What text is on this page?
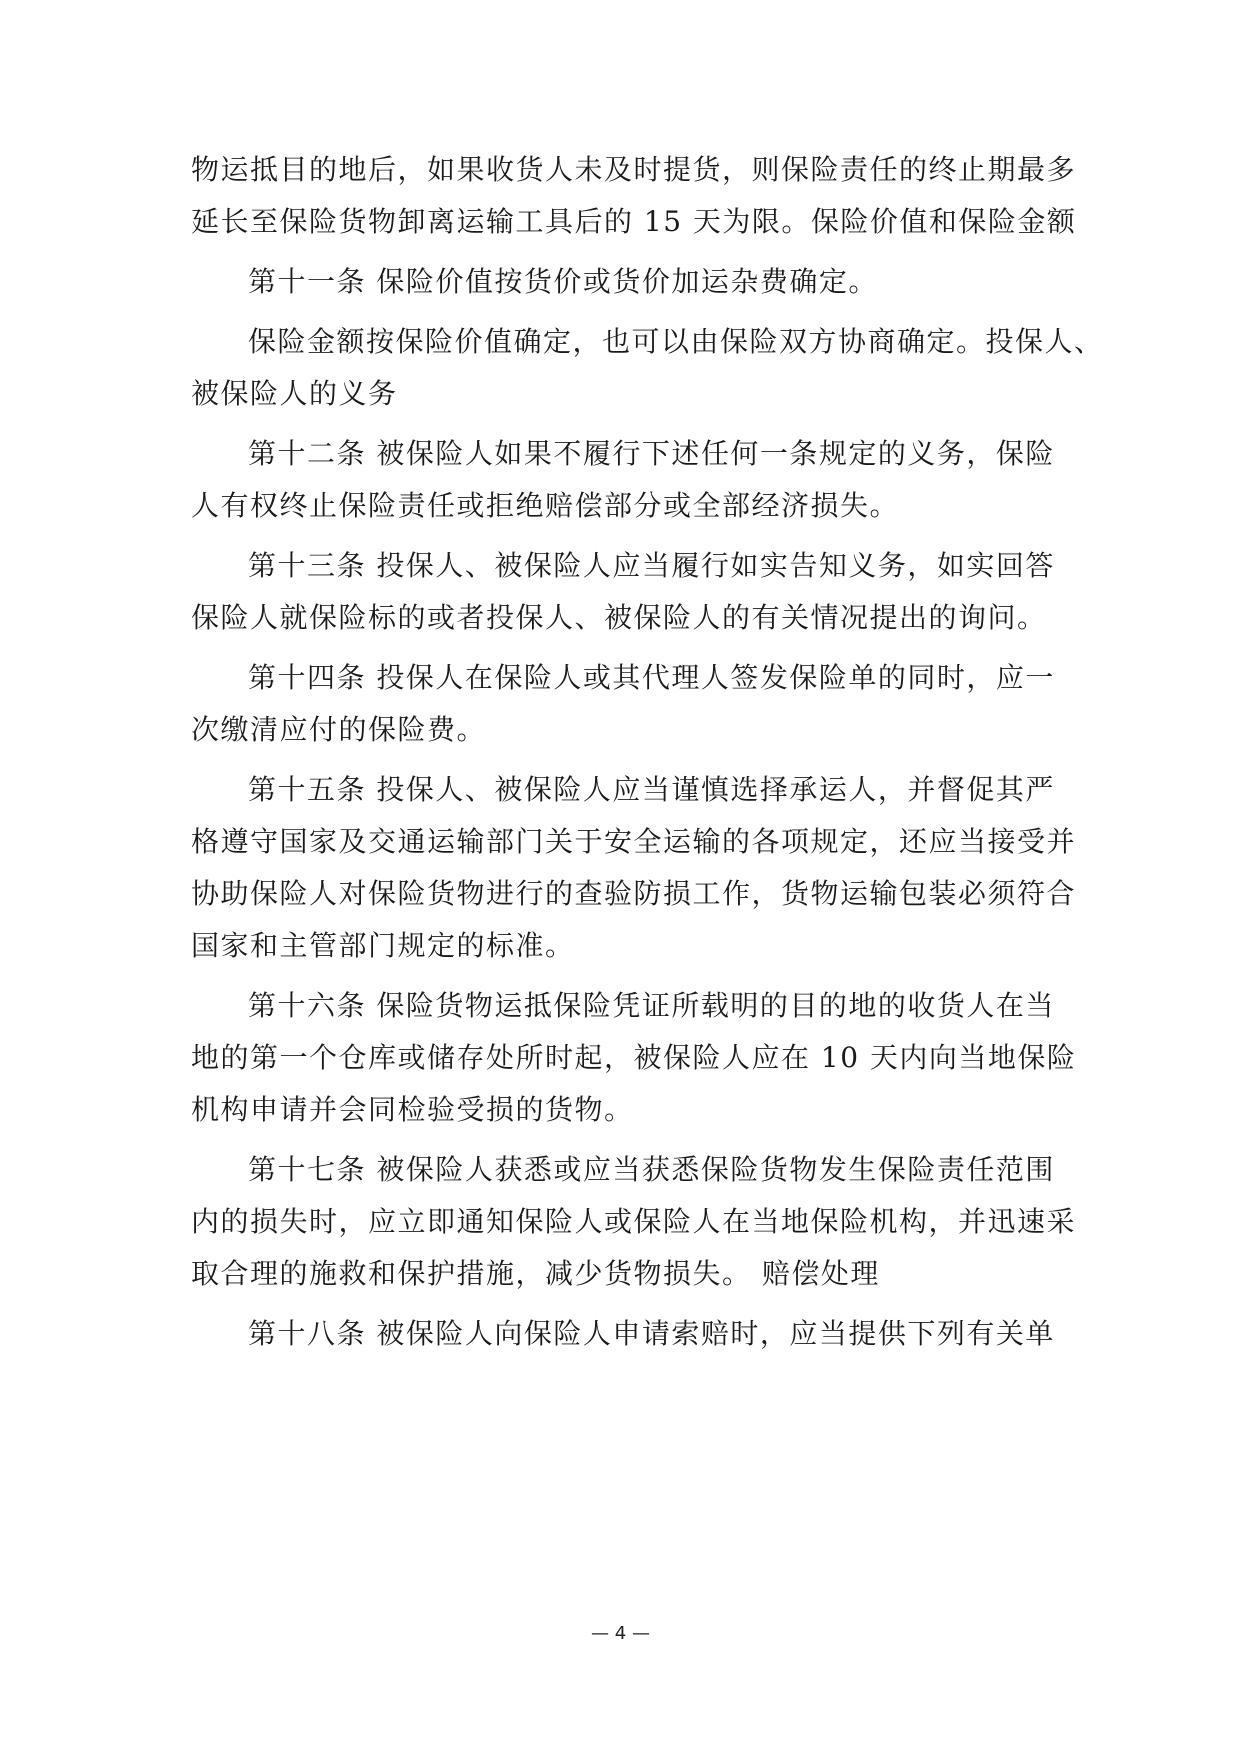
物运抵目的地后，如果收货人未及时提货，则保险责任的终止期最多
延长至保险货物卸离运输工具后的 15 天为限。保险价值和保险金额
第十一条 保险价值按货价或货价加运杂费确定。
保险金额按保险价值确定，也可以由保险双方协商确定。投保人、
被保险人的义务
第十二条 被保险人如果不履行下述任何一条规定的义务，保险
人有权终止保险责任或拒绝赔偿部分或全部经济损失。
第十三条 投保人、被保险人应当履行如实告知义务，如实回答
保险人就保险标的或者投保人、被保险人的有关情况提出的询问。
第十四条 投保人在保险人或其代理人签发保险单的同时，应一
次缴清应付的保险费。
第十五条 投保人、被保险人应当谨慎选择承运人，并督促其严
格遵守国家及交通运输部门关于安全运输的各项规定，还应当接受并
协助保险人对保险货物进行的查验防损工作，货物运输包装必须符合
国家和主管部门规定的标准。
第十六条 保险货物运抵保险凭证所载明的目的地的收货人在当
地的第一个仓库或储存处所时起，被保险人应在 10 天内向当地保险
机构申请并会同检验受损的货物。
第十七条 被保险人获悉或应当获悉保险货物发生保险责任范围
内的损失时，应立即通知保险人或保险人在当地保险机构，并迅速采
取合理的施救和保护措施，减少货物损失。 赔偿处理
第十八条 被保险人向保险人申请索赔时，应当提供下列有关单
— 4 —
